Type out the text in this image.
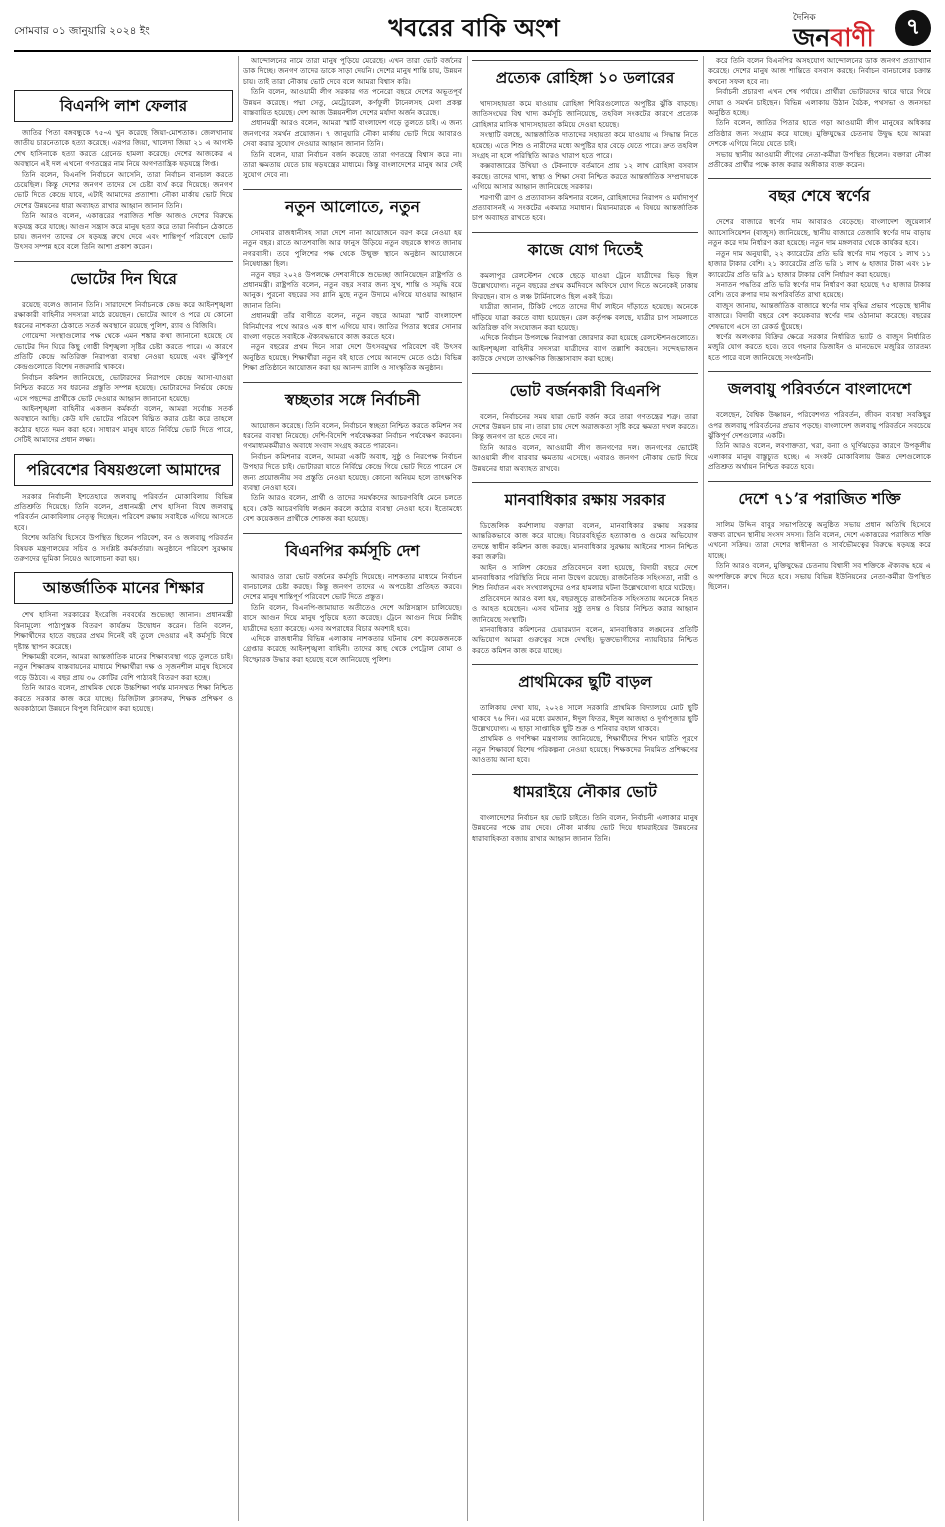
সোমবার ০১ জানুয়ারি ২০২৪ ইং	খবরের বাকি অংশ	দৈনিক
জনবাণী	৭
বিএনপি লাশ ফেলার

জাতির পিতা বঙ্গবন্ধুকে ৭৫-এ খুন করেছে জিয়া-মোশতাক। জেলখানায় জাতীয় চারনেতাকে হত্যা করেছে। এরপর জিয়া, খালেদা জিয়া ২১ এ আগস্ট শেখ হাসিনাকে হত্যা করতে গ্রেনেড হামলা করেছে। দেশের আজকের এ অবস্থানে এই দল এখনো গণতন্ত্রের নাম নিয়ে অগণতান্ত্রিক ষড়যন্ত্রে লিপ্ত।

তিনি বলেন, বিএনপি নির্বাচনে আসেনি, তারা নির্বাচন বানচাল করতে চেয়েছিল। কিন্তু দেশের জনগণ তাদের সে চেষ্টা ব্যর্থ করে দিয়েছে। জনগণ ভোট দিতে কেন্দ্রে যাবে, এটাই আমাদের প্রত্যাশা। নৌকা মার্কায় ভোট দিয়ে দেশের উন্নয়নের ধারা অব্যাহত রাখার আহ্বান জানান তিনি।

তিনি আরও বলেন, একাত্তরের পরাজিত শক্তি আজও দেশের বিরুদ্ধে ষড়যন্ত্র করে যাচ্ছে। আগুন সন্ত্রাস করে মানুষ হত্যা করে তারা নির্বাচন ঠেকাতে চায়। জনগণ তাদের সে ষড়যন্ত্র রুখে দেবে এবং শান্তিপূর্ণ পরিবেশে ভোট উৎসব সম্পন্ন হবে বলে তিনি আশা প্রকাশ করেন।

ভোটের দিন ঘিরে

রয়েছে বলেও জানান তিনি। সারাদেশে নির্বাচনকে কেন্দ্র করে আইনশৃঙ্খলা রক্ষাকারী বাহিনীর সদস্যরা মাঠে রয়েছেন। ভোটের আগে ও পরে যে কোনো ধরনের নাশকতা ঠেকাতে সতর্ক অবস্থানে রয়েছে পুলিশ, র‍্যাব ও বিজিবি।

গোয়েন্দা সংস্থাগুলোর পক্ষ থেকে এমন শঙ্কার কথা জানানো হয়েছে যে ভোটের দিন ঘিরে কিছু গোষ্ঠী বিশৃঙ্খলা সৃষ্টির চেষ্টা করতে পারে। এ কারণে প্রতিটি কেন্দ্রে অতিরিক্ত নিরাপত্তা ব্যবস্থা নেওয়া হয়েছে এবং ঝুঁকিপূর্ণ কেন্দ্রগুলোতে বিশেষ নজরদারি থাকবে।

নির্বাচন কমিশন জানিয়েছে, ভোটারদের নিরাপদে কেন্দ্রে আসা-যাওয়া নিশ্চিত করতে সব ধরনের প্রস্তুতি সম্পন্ন হয়েছে। ভোটারদের নির্ভয়ে কেন্দ্রে এসে পছন্দের প্রার্থীকে ভোট দেওয়ার আহ্বান জানানো হয়েছে।

আইনশৃঙ্খলা বাহিনীর একজন কর্মকর্তা বলেন, আমরা সর্বোচ্চ সতর্ক অবস্থানে আছি। কেউ যদি ভোটের পরিবেশ বিঘ্নিত করার চেষ্টা করে তাহলে কঠোর হাতে দমন করা হবে। সাধারণ মানুষ যাতে নির্বিঘ্নে ভোট দিতে পারে, সেটিই আমাদের প্রধান লক্ষ্য।

পরিবেশের বিষয়গুলো আমাদের

সরকার নির্বাচনী ইশতেহারে জলবায়ু পরিবর্তন মোকাবিলায় বিভিন্ন প্রতিশ্রুতি দিয়েছে। তিনি বলেন, প্রধানমন্ত্রী শেখ হাসিনা বিশ্বে জলবায়ু পরিবর্তন মোকাবিলায় নেতৃত্ব দিচ্ছেন। পরিবেশ রক্ষায় সবাইকে এগিয়ে আসতে হবে।

বিশেষ অতিথি হিসেবে উপস্থিত ছিলেন পরিবেশ, বন ও জলবায়ু পরিবর্তন বিষয়ক মন্ত্রণালয়ের সচিব ও সংশ্লিষ্ট কর্মকর্তারা। অনুষ্ঠানে পরিবেশ সুরক্ষায় তরুণদের ভূমিকা নিয়েও আলোচনা করা হয়।

আন্তর্জাতিক মানের শিক্ষার

শেখ হাসিনা সরকারের ইংরেজি নববর্ষের শুভেচ্ছা জানান। প্রধানমন্ত্রী বিনামূল্যে পাঠ্যপুস্তক বিতরণ কার্যক্রম উদ্বোধন করেন। তিনি বলেন, শিক্ষার্থীদের হাতে বছরের প্রথম দিনেই বই তুলে দেওয়ার এই কর্মসূচি বিশ্বে দৃষ্টান্ত স্থাপন করেছে।

শিক্ষামন্ত্রী বলেন, আমরা আন্তর্জাতিক মানের শিক্ষাব্যবস্থা গড়ে তুলতে চাই। নতুন শিক্ষাক্রম বাস্তবায়নের মাধ্যমে শিক্ষার্থীরা দক্ষ ও সৃজনশীল মানুষ হিসেবে গড়ে উঠবে। এ বছর প্রায় ৩০ কোটির বেশি পাঠ্যবই বিতরণ করা হচ্ছে।

তিনি আরও বলেন, প্রাথমিক থেকে উচ্চশিক্ষা পর্যন্ত মানসম্মত শিক্ষা নিশ্চিত করতে সরকার কাজ করে যাচ্ছে। ডিজিটাল ক্লাসরুম, শিক্ষক প্রশিক্ষণ ও অবকাঠামো উন্নয়নে বিপুল বিনিয়োগ করা হয়েছে।

আন্দোলনের নামে তারা মানুষ পুড়িয়ে মেরেছে। এখন তারা ভোট বর্জনের ডাক দিচ্ছে। জনগণ তাদের ডাকে সাড়া দেয়নি। দেশের মানুষ শান্তি চায়, উন্নয়ন চায়। তাই তারা নৌকায় ভোট দেবে বলে আমরা বিশ্বাস করি।

তিনি বলেন, আওয়ামী লীগ সরকার গত পনেরো বছরে দেশের অভূতপূর্ব উন্নয়ন করেছে। পদ্মা সেতু, মেট্রোরেল, কর্ণফুলী টানেলসহ মেগা প্রকল্প বাস্তবায়িত হয়েছে। দেশ আজ উন্নয়নশীল দেশের মর্যাদা অর্জন করেছে।

প্রধানমন্ত্রী আরও বলেন, আমরা স্মার্ট বাংলাদেশ গড়ে তুলতে চাই। এ জন্য জনগণের সমর্থন প্রয়োজন। ৭ জানুয়ারি নৌকা মার্কায় ভোট দিয়ে আবারও সেবা করার সুযোগ দেওয়ার আহ্বান জানান তিনি।

তিনি বলেন, যারা নির্বাচন বর্জন করেছে তারা গণতন্ত্রে বিশ্বাস করে না। তারা ক্ষমতায় যেতে চায় ষড়যন্ত্রের মাধ্যমে। কিন্তু বাংলাদেশের মানুষ আর সেই সুযোগ দেবে না।

নতুন আলোতে, নতুন

সোমবার রাজধানীসহ সারা দেশে নানা আয়োজনে বরণ করে নেওয়া হয় নতুন বছর। রাতে আতশবাজি আর ফানুস উড়িয়ে নতুন বছরকে স্বাগত জানায় নগরবাসী। তবে পুলিশের পক্ষ থেকে উন্মুক্ত স্থানে অনুষ্ঠান আয়োজনে নিষেধাজ্ঞা ছিল।

নতুন বছর ২০২৪ উপলক্ষে দেশবাসীকে শুভেচ্ছা জানিয়েছেন রাষ্ট্রপতি ও প্রধানমন্ত্রী। রাষ্ট্রপতি বলেন, নতুন বছর সবার জন্য সুখ, শান্তি ও সমৃদ্ধি বয়ে আনুক। পুরনো বছরের সব গ্লানি মুছে নতুন উদ্যমে এগিয়ে যাওয়ার আহ্বান জানান তিনি।

প্রধানমন্ত্রী তাঁর বাণীতে বলেন, নতুন বছরে আমরা স্মার্ট বাংলাদেশ বিনির্মাণের পথে আরও এক ধাপ এগিয়ে যাব। জাতির পিতার স্বপ্নের সোনার বাংলা গড়তে সবাইকে ঐক্যবদ্ধভাবে কাজ করতে হবে।

নতুন বছরের প্রথম দিনে সারা দেশে উৎসবমুখর পরিবেশে বই উৎসব অনুষ্ঠিত হয়েছে। শিক্ষার্থীরা নতুন বই হাতে পেয়ে আনন্দে মেতে ওঠে। বিভিন্ন শিক্ষা প্রতিষ্ঠানে আয়োজন করা হয় আনন্দ র‍্যালি ও সাংস্কৃতিক অনুষ্ঠান।

স্বচ্ছতার সঙ্গে নির্বাচনী

আয়োজন করেছে। তিনি বলেন, নির্বাচনে স্বচ্ছতা নিশ্চিত করতে কমিশন সব ধরনের ব্যবস্থা নিয়েছে। দেশি-বিদেশি পর্যবেক্ষকরা নির্বাচন পর্যবেক্ষণ করবেন। গণমাধ্যমকর্মীরাও অবাধে সংবাদ সংগ্রহ করতে পারবেন।

নির্বাচন কমিশনার বলেন, আমরা একটি অবাধ, সুষ্ঠু ও নিরপেক্ষ নির্বাচন উপহার দিতে চাই। ভোটাররা যাতে নির্বিঘ্নে কেন্দ্রে গিয়ে ভোট দিতে পারেন সে জন্য প্রয়োজনীয় সব প্রস্তুতি নেওয়া হয়েছে। কোনো অনিয়ম হলে তাৎক্ষণিক ব্যবস্থা নেওয়া হবে।

তিনি আরও বলেন, প্রার্থী ও তাদের সমর্থকদের আচরণবিধি মেনে চলতে হবে। কেউ আচরণবিধি লঙ্ঘন করলে কঠোর ব্যবস্থা নেওয়া হবে। ইতোমধ্যে বেশ কয়েকজন প্রার্থীকে শোকজ করা হয়েছে।

বিএনপির কর্মসূচি দেশ

আবারও তারা ভোট বর্জনের কর্মসূচি দিয়েছে। নাশকতার মাধ্যমে নির্বাচন বানচালের চেষ্টা করছে। কিন্তু জনগণ তাদের এ অপচেষ্টা প্রতিহত করবে। দেশের মানুষ শান্তিপূর্ণ পরিবেশে ভোট দিতে প্রস্তুত।

তিনি বলেন, বিএনপি-জামায়াত অতীতেও দেশে অগ্নিসন্ত্রাস চালিয়েছে। বাসে আগুন দিয়ে মানুষ পুড়িয়ে হত্যা করেছে। ট্রেনে আগুন দিয়ে নিরীহ যাত্রীদের হত্যা করেছে। এসব অপরাধের বিচার অবশ্যই হবে।

এদিকে রাজধানীর বিভিন্ন এলাকায় নাশকতার ঘটনায় বেশ কয়েকজনকে গ্রেপ্তার করেছে আইনশৃঙ্খলা বাহিনী। তাদের কাছ থেকে পেট্রোল বোমা ও বিস্ফোরক উদ্ধার করা হয়েছে বলে জানিয়েছে পুলিশ।

প্রত্যেক রোহিঙ্গা ১০ ডলারের

খাদ্যসহায়তা কমে যাওয়ায় রোহিঙ্গা শিবিরগুলোতে অপুষ্টির ঝুঁকি বাড়ছে। জাতিসংঘের বিশ্ব খাদ্য কর্মসূচি জানিয়েছে, তহবিল সংকটের কারণে প্রত্যেক রোহিঙ্গার মাসিক খাদ্যসহায়তা কমিয়ে দেওয়া হয়েছে।

সংস্থাটি বলছে, আন্তর্জাতিক দাতাদের সহায়তা কমে যাওয়ায় এ সিদ্ধান্ত নিতে হয়েছে। এতে শিশু ও নারীদের মধ্যে অপুষ্টির হার বেড়ে যেতে পারে। দ্রুত তহবিল সংগ্রহ না হলে পরিস্থিতি আরও খারাপ হতে পারে।

কক্সবাজারের উখিয়া ও টেকনাফে বর্তমানে প্রায় ১২ লাখ রোহিঙ্গা বসবাস করছে। তাদের খাদ্য, স্বাস্থ্য ও শিক্ষা সেবা নিশ্চিত করতে আন্তর্জাতিক সম্প্রদায়কে এগিয়ে আসার আহ্বান জানিয়েছে সরকার।

শরণার্থী ত্রাণ ও প্রত্যাবাসন কমিশনার বলেন, রোহিঙ্গাদের নিরাপদ ও মর্যাদাপূর্ণ প্রত্যাবাসনই এ সংকটের একমাত্র সমাধান। মিয়ানমারকে এ বিষয়ে আন্তর্জাতিক চাপ অব্যাহত রাখতে হবে।

কাজে যোগ দিতেই

কমলাপুর রেলস্টেশন থেকে ছেড়ে যাওয়া ট্রেনে যাত্রীদের ভিড় ছিল উল্লেখযোগ্য। নতুন বছরের প্রথম কর্মদিবসে অফিসে যোগ দিতে অনেকেই ঢাকায় ফিরছেন। বাস ও লঞ্চ টার্মিনালেও ছিল একই চিত্র।

যাত্রীরা জানান, টিকিট পেতে তাদের দীর্ঘ লাইনে দাঁড়াতে হয়েছে। অনেকে দাঁড়িয়ে যাত্রা করতে বাধ্য হয়েছেন। রেল কর্তৃপক্ষ বলছে, যাত্রীর চাপ সামলাতে অতিরিক্ত বগি সংযোজন করা হয়েছে।

এদিকে নির্বাচন উপলক্ষে নিরাপত্তা জোরদার করা হয়েছে রেলস্টেশনগুলোতে। আইনশৃঙ্খলা বাহিনীর সদস্যরা যাত্রীদের ব্যাগ তল্লাশি করছেন। সন্দেহভাজন কাউকে দেখলে তাৎক্ষণিক জিজ্ঞাসাবাদ করা হচ্ছে।

ভোট বর্জনকারী বিএনপি

বলেন, নির্বাচনের সময় যারা ভোট বর্জন করে তারা গণতন্ত্রের শত্রু। তারা দেশের উন্নয়ন চায় না। তারা চায় দেশে অরাজকতা সৃষ্টি করে ক্ষমতা দখল করতে। কিন্তু জনগণ তা হতে দেবে না।

তিনি আরও বলেন, আওয়ামী লীগ জনগণের দল। জনগণের ভোটেই আওয়ামী লীগ বারবার ক্ষমতায় এসেছে। এবারও জনগণ নৌকায় ভোট দিয়ে উন্নয়নের ধারা অব্যাহত রাখবে।

মানবাধিকার রক্ষায় সরকার

ডিজেলিক কর্মশালায় বক্তারা বলেন, মানবাধিকার রক্ষায় সরকার আন্তরিকভাবে কাজ করে যাচ্ছে। বিচারবহির্ভূত হত্যাকাণ্ড ও গুমের অভিযোগ তদন্তে স্বাধীন কমিশন কাজ করছে। মানবাধিকার সুরক্ষায় আইনের শাসন নিশ্চিত করা জরুরি।

আইন ও সালিশ কেন্দ্রের প্রতিবেদনে বলা হয়েছে, বিদায়ী বছরে দেশে মানবাধিকার পরিস্থিতি নিয়ে নানা উদ্বেগ রয়েছে। রাজনৈতিক সহিংসতা, নারী ও শিশু নির্যাতন এবং সংখ্যালঘুদের ওপর হামলার ঘটনা উল্লেখযোগ্য হারে ঘটেছে।

প্রতিবেদনে আরও বলা হয়, বছরজুড়ে রাজনৈতিক সহিংসতায় অনেকে নিহত ও আহত হয়েছেন। এসব ঘটনার সুষ্ঠু তদন্ত ও বিচার নিশ্চিত করার আহ্বান জানিয়েছে সংস্থাটি।

মানবাধিকার কমিশনের চেয়ারম্যান বলেন, মানবাধিকার লঙ্ঘনের প্রতিটি অভিযোগ আমরা গুরুত্বের সঙ্গে দেখছি। ভুক্তভোগীদের ন্যায়বিচার নিশ্চিত করতে কমিশন কাজ করে যাচ্ছে।

প্রাথমিকের ছুটি বাড়ল

তালিকায় দেখা যায়, ২০২৪ সালে সরকারি প্রাথমিক বিদ্যালয়ে মোট ছুটি থাকবে ৭৬ দিন। এর মধ্যে রমজান, ঈদুল ফিতর, ঈদুল আজহা ও দুর্গাপূজার ছুটি উল্লেখযোগ্য। এ ছাড়া সাপ্তাহিক ছুটি শুক্র ও শনিবার বহাল থাকবে।

প্রাথমিক ও গণশিক্ষা মন্ত্রণালয় জানিয়েছে, শিক্ষার্থীদের শিখন ঘাটতি পূরণে নতুন শিক্ষাবর্ষে বিশেষ পরিকল্পনা নেওয়া হয়েছে। শিক্ষকদের নিয়মিত প্রশিক্ষণের আওতায় আনা হবে।

ধামরাইয়ে নৌকার ভোট

বাংলাদেশের নির্বাচন হয় ভোট চাইতে। তিনি বলেন, নির্বাচনী এলাকার মানুষ উন্নয়নের পক্ষে রায় দেবে। নৌকা মার্কায় ভোট দিয়ে ধামরাইয়ের উন্নয়নের ধারাবাহিকতা বজায় রাখার আহ্বান জানান তিনি।

করে তিনি বলেন বিএনপির অসহযোগ আন্দোলনের ডাক জনগণ প্রত্যাখ্যান করেছে। দেশের মানুষ আজ শান্তিতে বসবাস করছে। নির্বাচন বানচালের চক্রান্ত কখনো সফল হবে না।

নির্বাচনী প্রচারণা এখন শেষ পর্যায়ে। প্রার্থীরা ভোটারদের দ্বারে দ্বারে গিয়ে দোয়া ও সমর্থন চাইছেন। বিভিন্ন এলাকায় উঠান বৈঠক, পথসভা ও জনসভা অনুষ্ঠিত হচ্ছে।

তিনি বলেন, জাতির পিতার হাতে গড়া আওয়ামী লীগ মানুষের অধিকার প্রতিষ্ঠার জন্য সংগ্রাম করে যাচ্ছে। মুক্তিযুদ্ধের চেতনায় উদ্বুদ্ধ হয়ে আমরা দেশকে এগিয়ে নিয়ে যেতে চাই।

সভায় স্থানীয় আওয়ামী লীগের নেতা-কর্মীরা উপস্থিত ছিলেন। বক্তারা নৌকা প্রতীকের প্রার্থীর পক্ষে কাজ করার অঙ্গীকার ব্যক্ত করেন।

বছর শেষে স্বর্ণের

দেশের বাজারে স্বর্ণের দাম আবারও বেড়েছে। বাংলাদেশ জুয়েলার্স অ্যাসোসিয়েশন (বাজুস) জানিয়েছে, স্থানীয় বাজারে তেজাবি স্বর্ণের দাম বাড়ায় নতুন করে দাম নির্ধারণ করা হয়েছে। নতুন দাম মঙ্গলবার থেকে কার্যকর হবে।

নতুন দাম অনুযায়ী, ২২ ক্যারেটের প্রতি ভরি স্বর্ণের দাম পড়বে ১ লাখ ১১ হাজার টাকার বেশি। ২১ ক্যারেটের প্রতি ভরি ১ লাখ ৬ হাজার টাকা এবং ১৮ ক্যারেটের প্রতি ভরি ৯১ হাজার টাকার বেশি নির্ধারণ করা হয়েছে।

সনাতন পদ্ধতির প্রতি ভরি স্বর্ণের দাম নির্ধারণ করা হয়েছে ৭৫ হাজার টাকার বেশি। তবে রুপার দাম অপরিবর্তিত রাখা হয়েছে।

বাজুস জানায়, আন্তর্জাতিক বাজারে স্বর্ণের দাম বৃদ্ধির প্রভাব পড়েছে স্থানীয় বাজারে। বিদায়ী বছরে বেশ কয়েকবার স্বর্ণের দাম ওঠানামা করেছে। বছরের শেষভাগে এসে তা রেকর্ড ছুঁয়েছে।

স্বর্ণের অলংকার বিক্রির ক্ষেত্রে সরকার নির্ধারিত ভ্যাট ও বাজুস নির্ধারিত মজুরি যোগ করতে হবে। তবে গহনার ডিজাইন ও মানভেদে মজুরির তারতম্য হতে পারে বলে জানিয়েছে সংগঠনটি।

জলবায়ু পরিবর্তনে বাংলাদেশে

বলেছেন, বৈশ্বিক উষ্ণায়ন, পরিবেশগত পরিবর্তন, জীবন ব্যবস্থা সবকিছুর ওপর জলবায়ু পরিবর্তনের প্রভাব পড়ছে। বাংলাদেশ জলবায়ু পরিবর্তনে সবচেয়ে ঝুঁকিপূর্ণ দেশগুলোর একটি।

তিনি আরও বলেন, লবণাক্ততা, খরা, বন্যা ও ঘূর্ণিঝড়ের কারণে উপকূলীয় এলাকার মানুষ বাস্তুচ্যুত হচ্ছে। এ সংকট মোকাবিলায় উন্নত দেশগুলোকে প্রতিশ্রুত অর্থায়ন নিশ্চিত করতে হবে।

দেশে ৭১’র পরাজিত শক্তি

সালিম উদ্দিন বাবুর সভাপতিত্বে অনুষ্ঠিত সভায় প্রধান অতিথি হিসেবে বক্তব্য রাখেন স্থানীয় সংসদ সদস্য। তিনি বলেন, দেশে একাত্তরের পরাজিত শক্তি এখনো সক্রিয়। তারা দেশের স্বাধীনতা ও সার্বভৌমত্বের বিরুদ্ধে ষড়যন্ত্র করে যাচ্ছে।

তিনি আরও বলেন, মুক্তিযুদ্ধের চেতনায় বিশ্বাসী সব শক্তিকে ঐক্যবদ্ধ হয়ে এ অপশক্তিকে রুখে দিতে হবে। সভায় বিভিন্ন ইউনিয়নের নেতা-কর্মীরা উপস্থিত ছিলেন।
